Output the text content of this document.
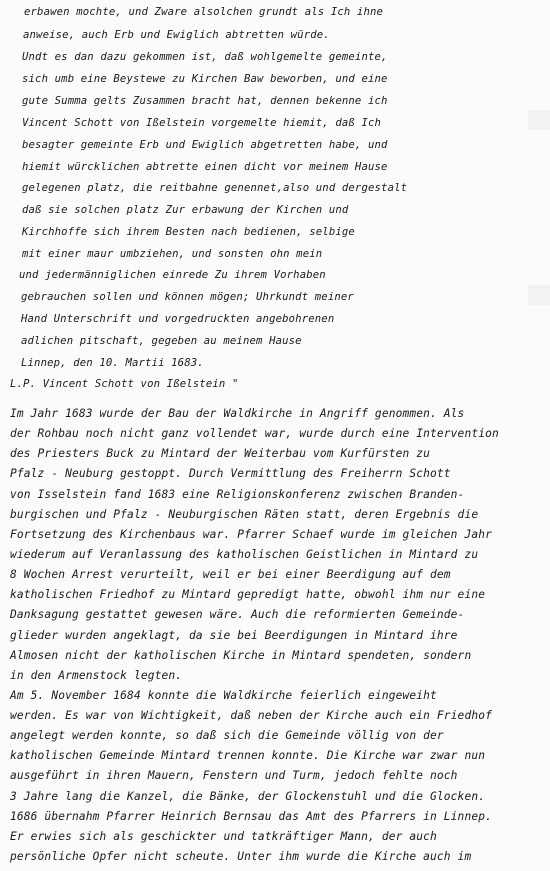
erbawen mochte, und Zware alsolchen grundt als Ich ihne
anweise, auch Erb und Ewiglich abtretten würde.
Undt es dan dazu gekommen ist, daß wohlgemelte gemeinte,
sich umb eine Beystewe zu Kirchen Baw beworben, und eine
gute Summa gelts Zusammen bracht hat, dennen bekenne ich
Vincent Schott von Ißelstein vorgemelte hiemit, daß Ich
besagter gemeinte Erb und Ewiglich abgetretten habe, und
hiemit würcklichen abtrette einen dicht vor meinem Hause
gelegenen platz, die reitbahne genennet,also und dergestalt
daß sie solchen platz Zur erbawung der Kirchen und
Kirchhoffe sich ihrem Besten nach bedienen, selbige
mit einer maur umbziehen, und sonsten ohn mein
und jedermänniglichen einrede Zu ihrem Vorhaben
gebrauchen sollen und können mögen; Uhrkundt meiner
Hand Unterschrift und vorgedruckten angebohrenen
adlichen pitschaft, gegeben au meinem Hause
Linnep, den 10. Martii 1683.
L.P. Vincent Schott von Ißelstein "
Im Jahr 1683 wurde der Bau der Waldkirche in Angriff genommen. Als
der Rohbau noch nicht ganz vollendet war, wurde durch eine Intervention
des Priesters Buck zu Mintard der Weiterbau vom Kurfürsten zu
Pfalz - Neuburg gestoppt. Durch Vermittlung des Freiherrn Schott
von Isselstein fand 1683 eine Religionskonferenz zwischen Branden-
burgischen und Pfalz - Neuburgischen Räten statt, deren Ergebnis die
Fortsetzung des Kirchenbaus war. Pfarrer Schaef wurde im gleichen Jahr
wiederum auf Veranlassung des katholischen Geistlichen in Mintard zu
8 Wochen Arrest verurteilt, weil er bei einer Beerdigung auf dem
katholischen Friedhof zu Mintard gepredigt hatte, obwohl ihm nur eine
Danksagung gestattet gewesen wäre. Auch die reformierten Gemeinde-
glieder wurden angeklagt, da sie bei Beerdigungen in Mintard ihre
Almosen nicht der katholischen Kirche in Mintard spendeten, sondern
in den Armenstock legten.
Am 5. November 1684 konnte die Waldkirche feierlich eingeweiht
werden. Es war von Wichtigkeit, daß neben der Kirche auch ein Friedhof
angelegt werden konnte, so daß sich die Gemeinde völlig von der
katholischen Gemeinde Mintard trennen konnte. Die Kirche war zwar nun
ausgeführt in ihren Mauern, Fenstern und Turm, jedoch fehlte noch
3 Jahre lang die Kanzel, die Bänke, der Glockenstuhl und die Glocken.
1686 übernahm Pfarrer Heinrich Bernsau das Amt des Pfarrers in Linnep.
Er erwies sich als geschickter und tatkräftiger Mann, der auch
persönliche Opfer nicht scheute. Unter ihm wurde die Kirche auch im
